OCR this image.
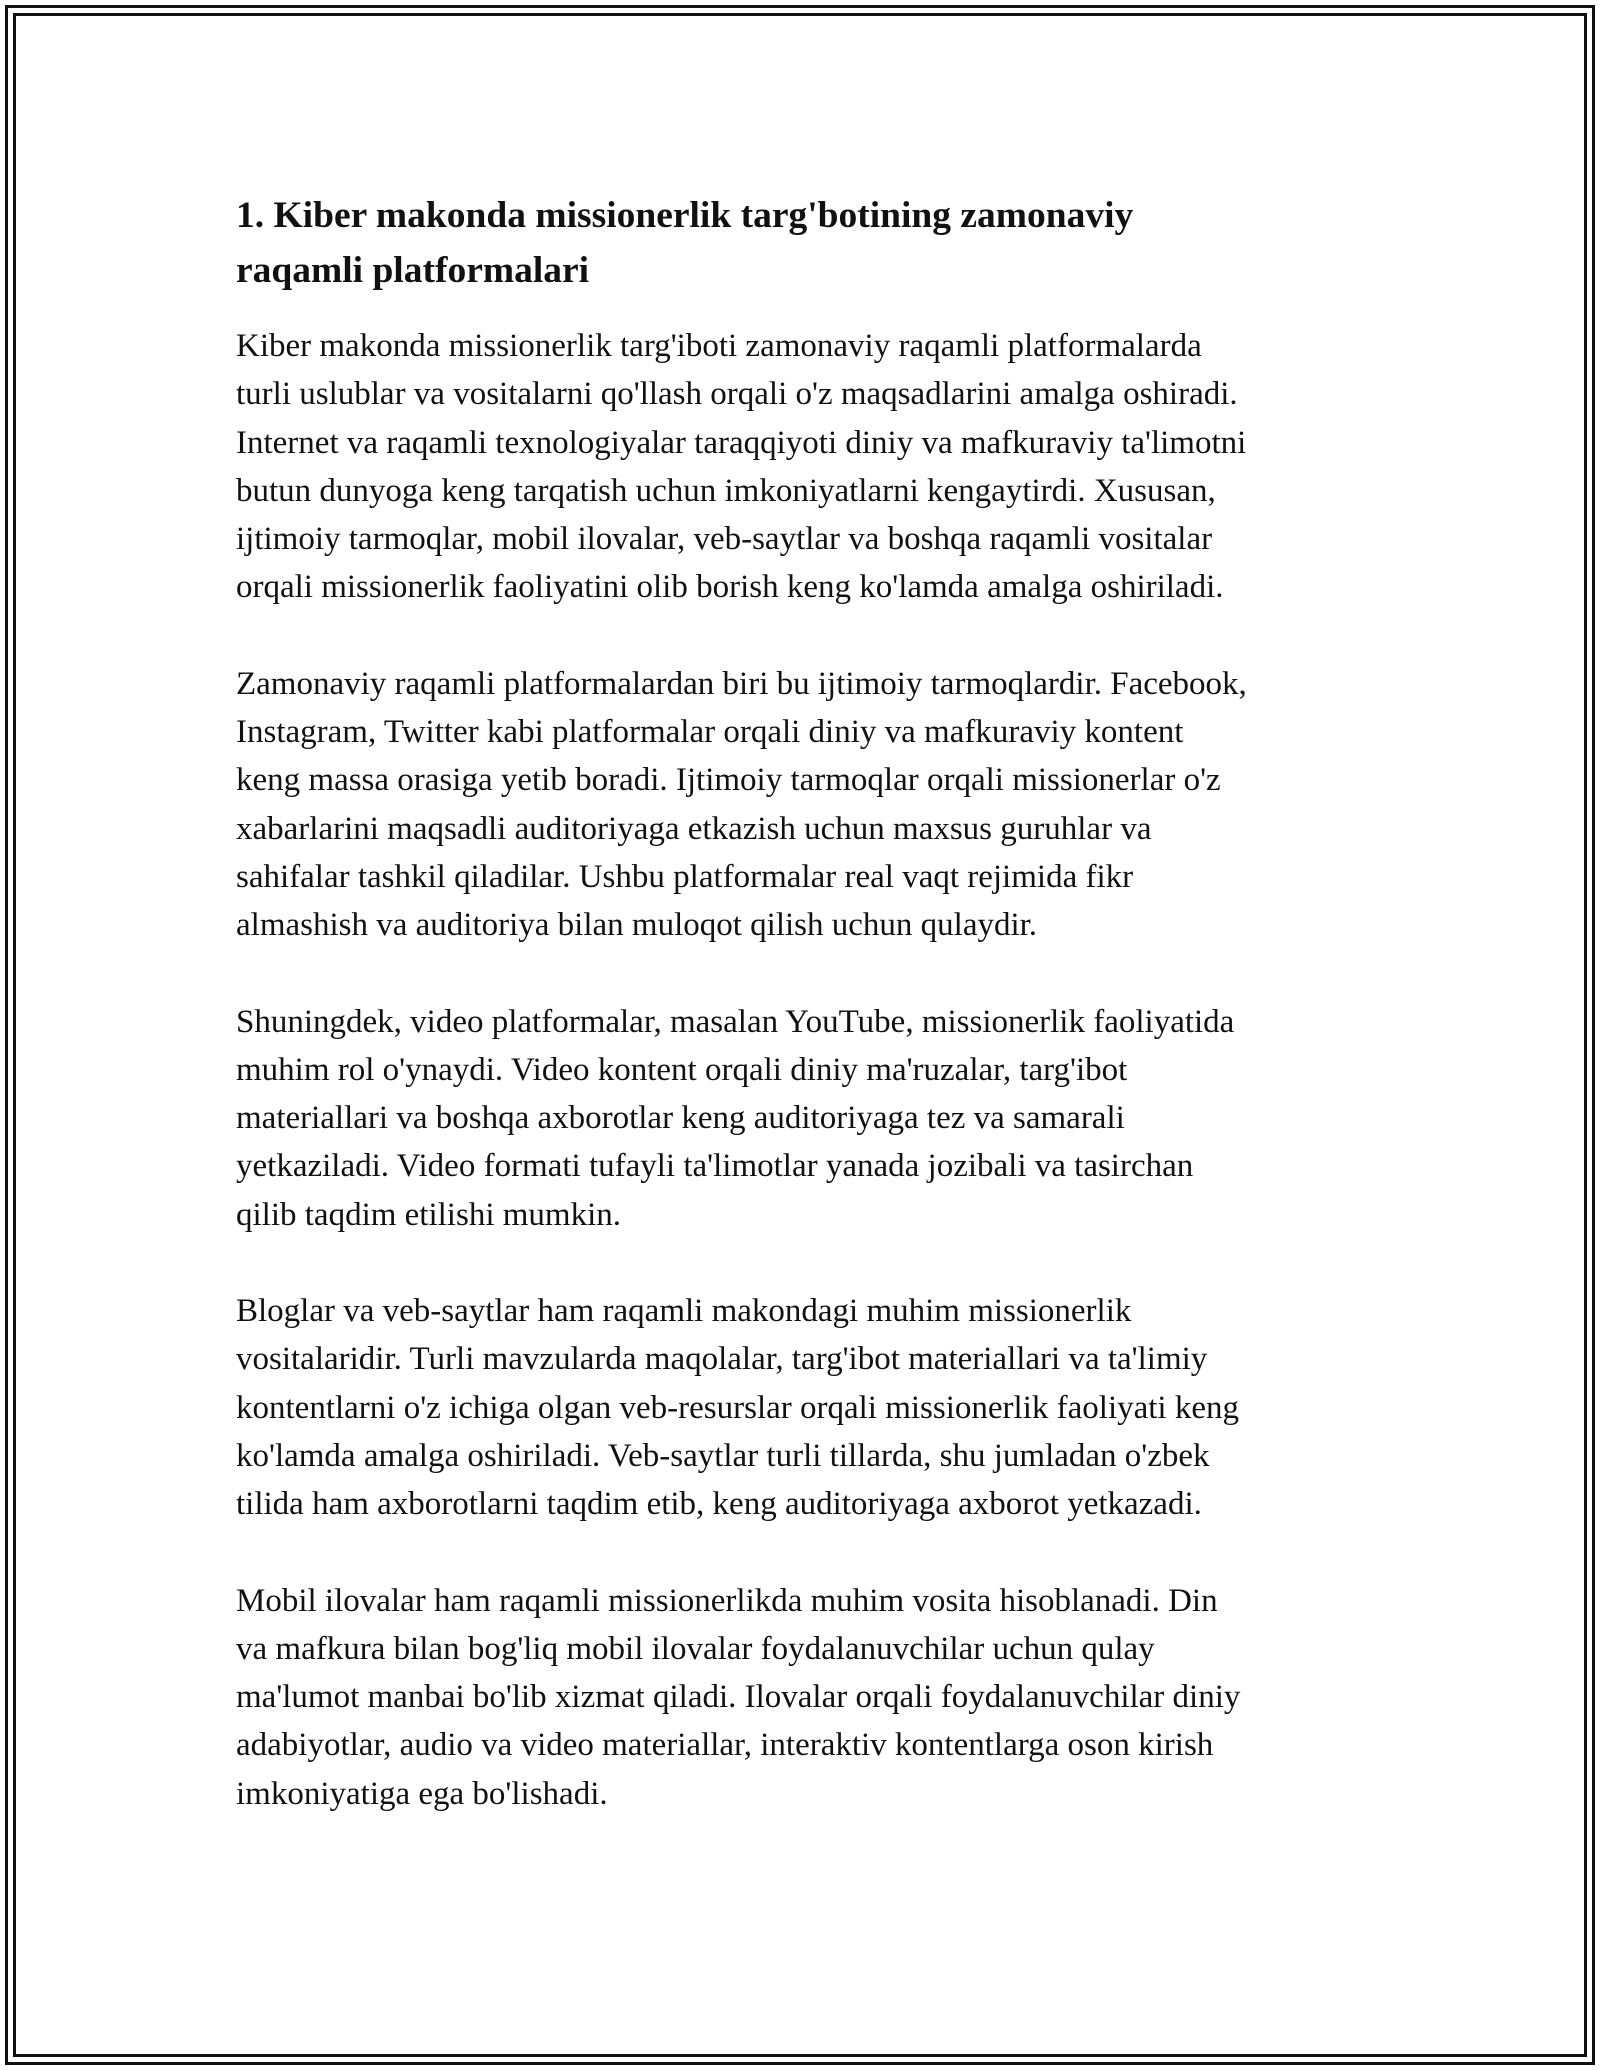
1. Kiber makonda missionerlik targ'botining zamonaviy
raqamli platformalari

Kiber makonda missionerlik targ'iboti zamonaviy raqamli platformalarda
turli uslublar va vositalarni qo'llash orqali o'z maqsadlarini amalga oshiradi.
Internet va raqamli texnologiyalar taraqqiyoti diniy va mafkuraviy ta'limotni
butun dunyoga keng tarqatish uchun imkoniyatlarni kengaytirdi. Xususan,
ijtimoiy tarmoqlar, mobil ilovalar, veb-saytlar va boshqa raqamli vositalar
orqali missionerlik faoliyatini olib borish keng ko'lamda amalga oshiriladi.

Zamonaviy raqamli platformalardan biri bu ijtimoiy tarmoqlardir. Facebook,
Instagram, Twitter kabi platformalar orqali diniy va mafkuraviy kontent
keng massa orasiga yetib boradi. Ijtimoiy tarmoqlar orqali missionerlar o'z
xabarlarini maqsadli auditoriyaga etkazish uchun maxsus guruhlar va
sahifalar tashkil qiladilar. Ushbu platformalar real vaqt rejimida fikr
almashish va auditoriya bilan muloqot qilish uchun qulaydir.

Shuningdek, video platformalar, masalan YouTube, missionerlik faoliyatida
muhim rol o'ynaydi. Video kontent orqali diniy ma'ruzalar, targ'ibot
materiallari va boshqa axborotlar keng auditoriyaga tez va samarali
yetkaziladi. Video formati tufayli ta'limotlar yanada jozibali va tasirchan
qilib taqdim etilishi mumkin.

Bloglar va veb-saytlar ham raqamli makondagi muhim missionerlik
vositalaridir. Turli mavzularda maqolalar, targ'ibot materiallari va ta'limiy
kontentlarni o'z ichiga olgan veb-resurslar orqali missionerlik faoliyati keng
ko'lamda amalga oshiriladi. Veb-saytlar turli tillarda, shu jumladan o'zbek
tilida ham axborotlarni taqdim etib, keng auditoriyaga axborot yetkazadi.

Mobil ilovalar ham raqamli missionerlikda muhim vosita hisoblanadi. Din
va mafkura bilan bog'liq mobil ilovalar foydalanuvchilar uchun qulay
ma'lumot manbai bo'lib xizmat qiladi. Ilovalar orqali foydalanuvchilar diniy
adabiyotlar, audio va video materiallar, interaktiv kontentlarga oson kirish
imkoniyatiga ega bo'lishadi.
